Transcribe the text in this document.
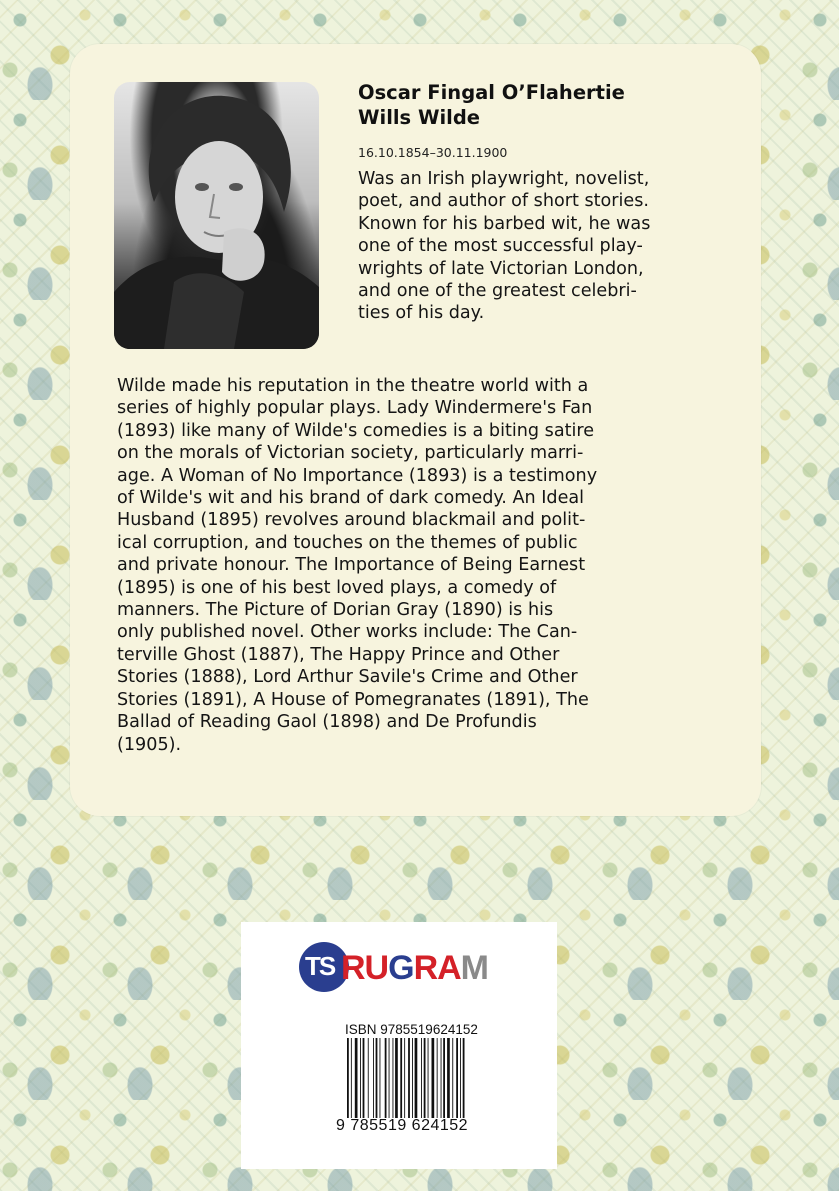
Oscar Fingal O’Flahertie
Wills Wilde

16.10.1854–30.11.1900

Was an Irish playwright, novelist,
poet, and author of short stories.
Known for his barbed wit, he was
one of the most successful play-
wrights of late Victorian London,
and one of the greatest celebri-
ties of his day.

Wilde made his reputation in the theatre world with a
series of highly popular plays. Lady Windermere's Fan
(1893) like many of Wilde's comedies is a biting satire
on the morals of Victorian society, particularly marri-
age. A Woman of No Importance (1893) is a testimony
of Wilde's wit and his brand of dark comedy. An Ideal
Husband (1895) revolves around blackmail and polit-
ical corruption, and touches on the themes of public
and private honour. The Importance of Being Earnest
(1895) is one of his best loved plays, a comedy of
manners. The Picture of Dorian Gray (1890) is his
only published novel. Other works include: The Can-
terville Ghost (1887), The Happy Prince and Other
Stories (1888), Lord Arthur Savile's Crime and Other
Stories (1891), A House of Pomegranates (1891), The
Ballad of Reading Gaol (1898) and De Profundis
(1905).

TS RUGRAM
ISBN 9785519624152
9 785519 624152
